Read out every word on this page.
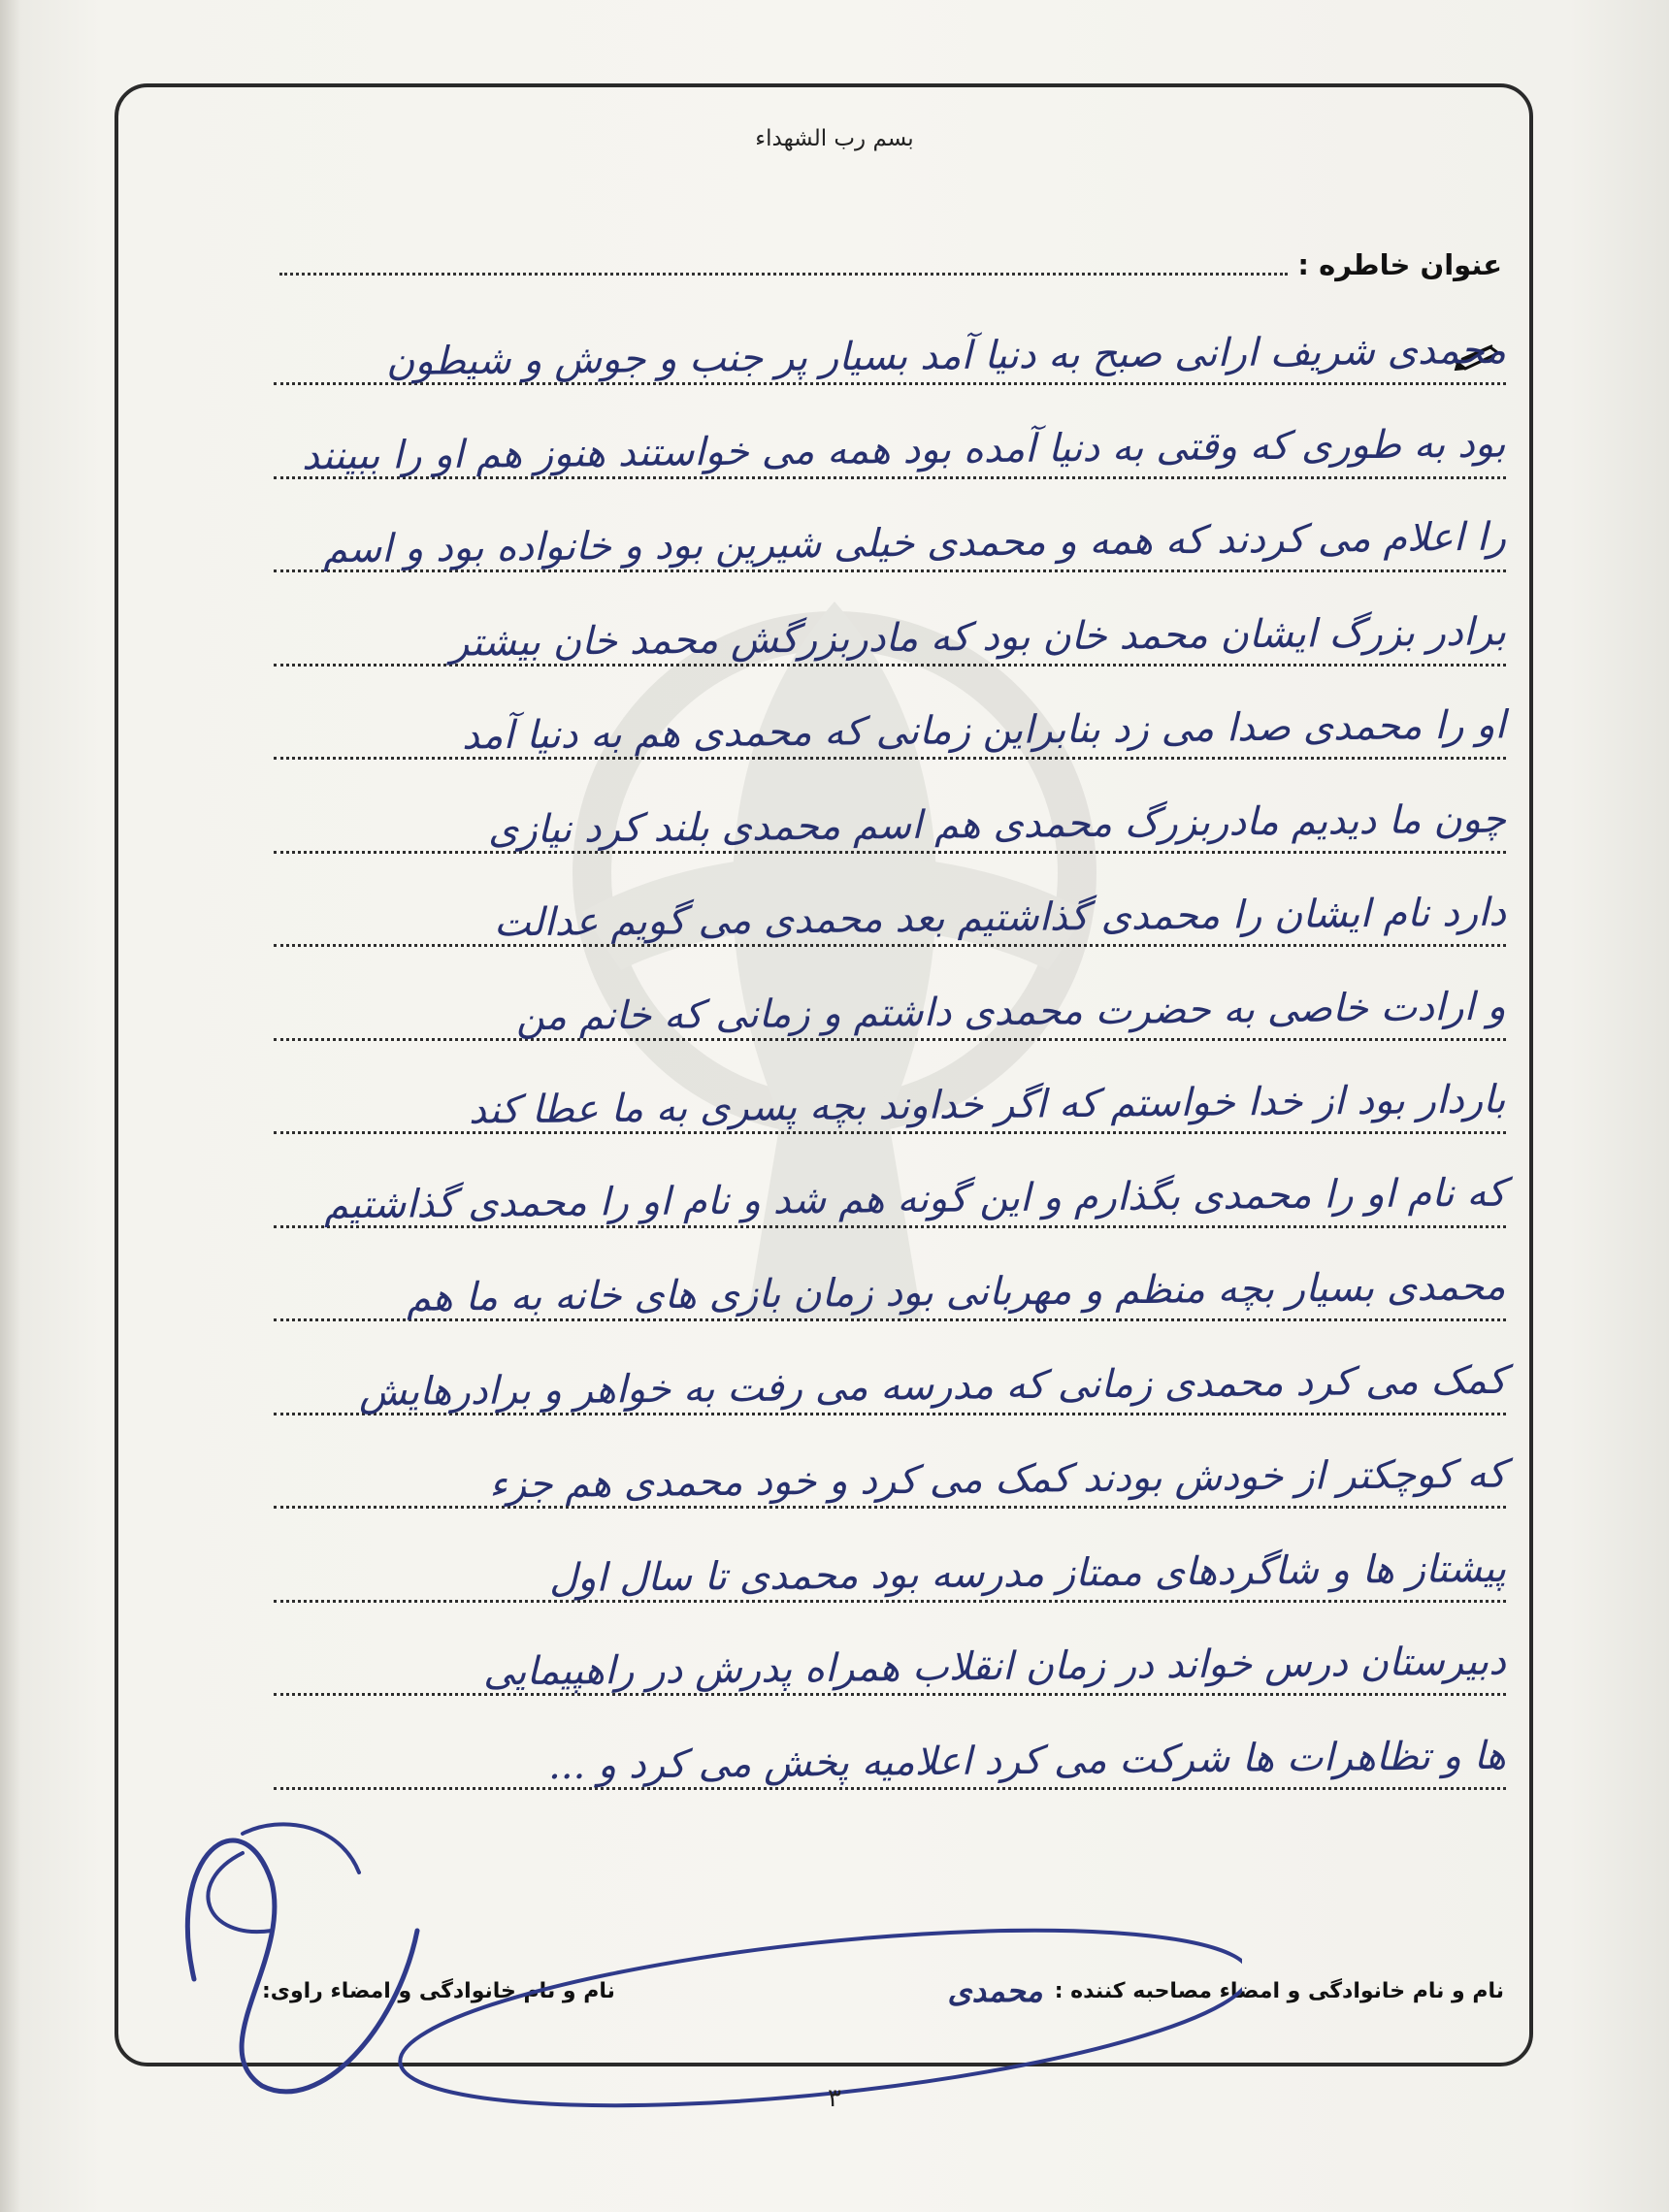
بسم رب الشهداء
عنوان خاطره :
محمدی شریف ارانی صبح به دنیا آمد بسیار پر جنب و جوش و شیطون
بود به طوری که وقتی به دنیا آمده بود همه می خواستند هنوز هم او را ببینند
را اعلام می کردند که همه و محمدی خیلی شیرین بود و خانواده بود و اسم
برادر بزرگ ایشان محمد خان بود که مادربزرگش محمد خان بیشتر
او را محمدی صدا می زد بنابراین زمانی که محمدی هم به دنیا آمد
چون ما دیدیم مادربزرگ محمدی هم اسم محمدی بلند کرد نیازی
دارد نام ایشان را محمدی گذاشتیم بعد محمدی می گویم عدالت
و ارادت خاصی به حضرت محمدی داشتم و زمانی که خانم من
باردار بود از خدا خواستم که اگر خداوند بچه پسری به ما عطا کند
که نام او را محمدی بگذارم و این گونه هم شد و نام او را محمدی گذاشتیم
محمدی بسیار بچه منظم و مهربانی بود زمان بازی های خانه به ما هم
کمک می کرد محمدی زمانی که مدرسه می رفت به خواهر و برادرهایش
که کوچکتر از خودش بودند کمک می کرد و خود محمدی هم جزء
پیشتاز ها و شاگردهای ممتاز مدرسه بود محمدی تا سال اول
دبیرستان درس خواند در زمان انقلاب همراه پدرش در راهپیمایی
ها و تظاهرات ها شرکت می کرد اعلامیه پخش می کرد و ...
نام و نام خانوادگی و امضاء مصاحبه کننده :
محمدی
نام و نام خانوادگی و امضاء راوی:
۳
